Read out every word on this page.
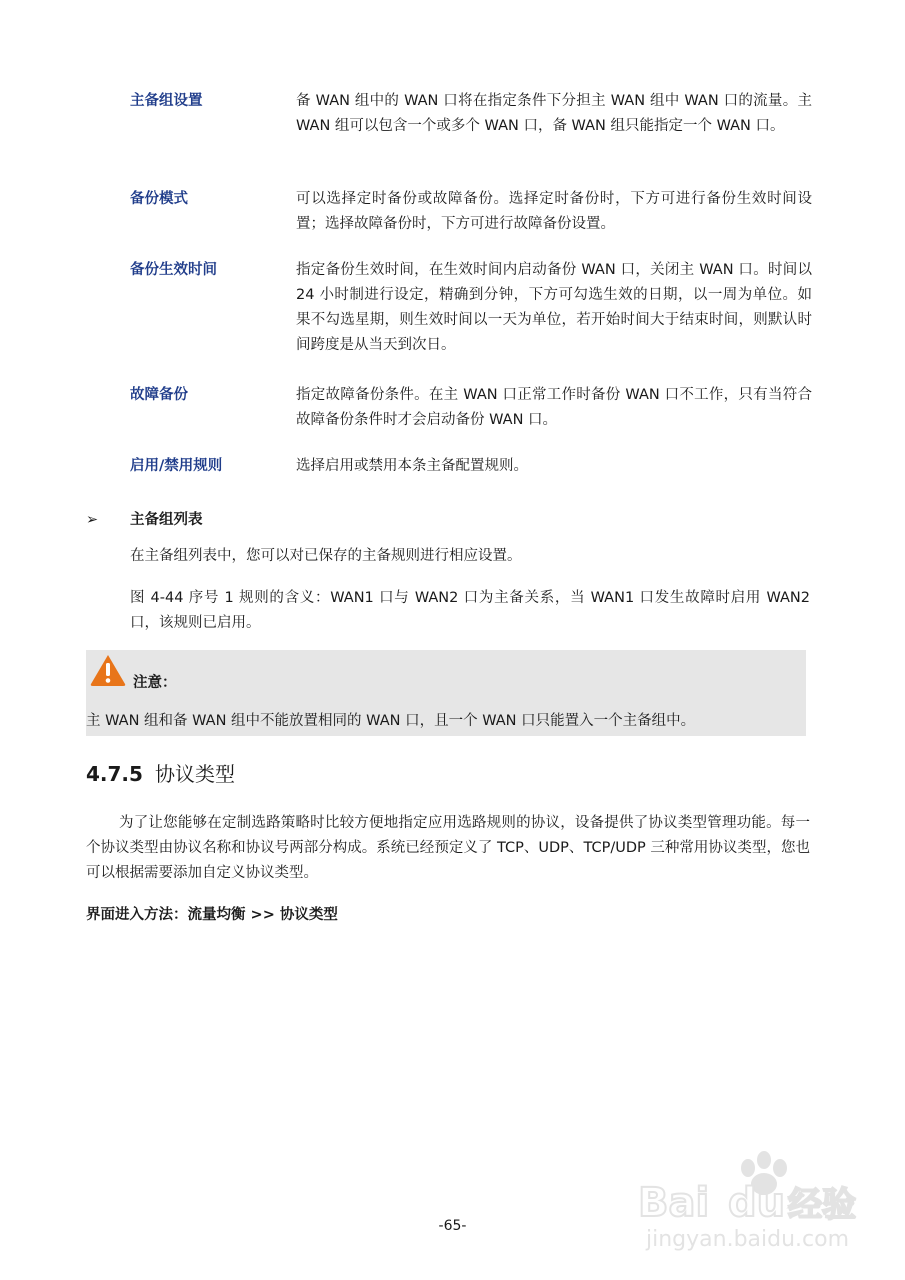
主备组设置	备 WAN 组中的 WAN 口将在指定条件下分担主 WAN 组中 WAN 口的流量。主 WAN 组可以包含一个或多个 WAN 口，备 WAN 组只能指定一个 WAN 口。
备份模式	可以选择定时备份或故障备份。选择定时备份时，下方可进行备份生效时间设置；选择故障备份时，下方可进行故障备份设置。
备份生效时间	指定备份生效时间，在生效时间内启动备份 WAN 口，关闭主 WAN 口。时间以 24 小时制进行设定，精确到分钟，下方可勾选生效的日期，以一周为单位。如果不勾选星期，则生效时间以一天为单位，若开始时间大于结束时间，则默认时间跨度是从当天到次日。
故障备份	指定故障备份条件。在主 WAN 口正常工作时备份 WAN 口不工作，只有当符合故障备份条件时才会启动备份 WAN 口。
启用/禁用规则	选择启用或禁用本条主备配置规则。
➢ 主备组列表
在主备组列表中，您可以对已保存的主备规则进行相应设置。
图 4-44 序号 1 规则的含义：WAN1 口与 WAN2 口为主备关系，当 WAN1 口发生故障时启用 WAN2 口，该规则已启用。
注意：
主 WAN 组和备 WAN 组中不能放置相同的 WAN 口，且一个 WAN 口只能置入一个主备组中。
4.7.5 协议类型
为了让您能够在定制选路策略时比较方便地指定应用选路规则的协议，设备提供了协议类型管理功能。每一个协议类型由协议名称和协议号两部分构成。系统已经预定义了 TCP、UDP、TCP/UDP 三种常用协议类型，您也可以根据需要添加自定义协议类型。
界面进入方法：流量均衡 >> 协议类型
Bai du 经验
jingyan.baidu.com
-65-
